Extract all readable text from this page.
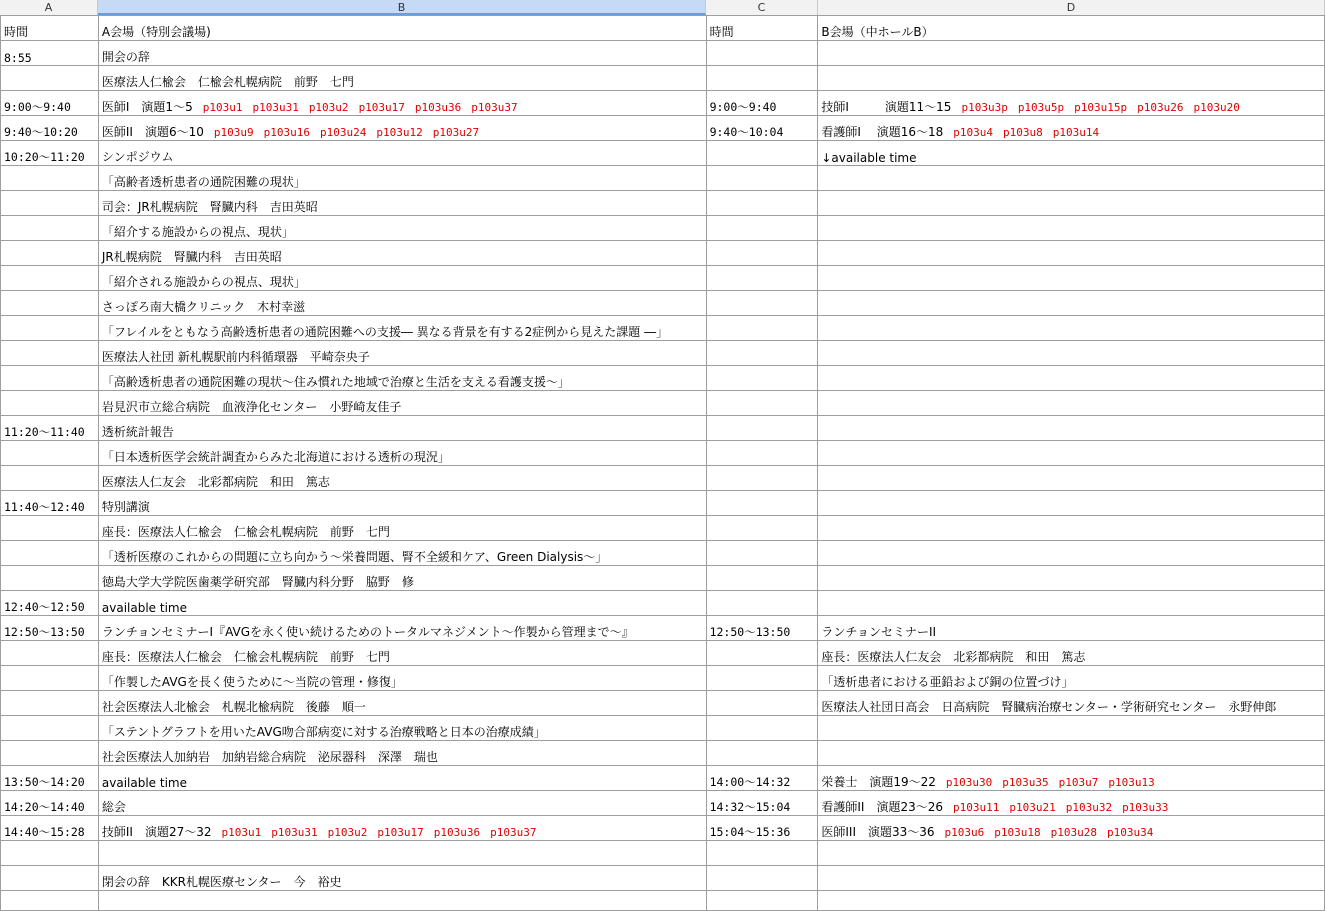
A	B	C	D
時間	A会場（特別会議場)	時間	B会場（中ホールB）
8:55	開会の辞		
	医療法人仁楡会　仁楡会札幌病院　前野　七門		
9:00〜9:40	医師I　演題1〜5 p103u1 p103u31 p103u2 p103u17 p103u36 p103u37	9:00〜9:40	技師I　　　演題11〜15 p103u3p p103u5p p103u15p p103u26 p103u20
9:40〜10:20	医師II　演題6〜10 p103u9 p103u16 p103u24 p103u12 p103u27	9:40〜10:04	看護師I　 演題16〜18 p103u4 p103u8 p103u14
10:20〜11:20	シンポジウム		↓available time
	「高齢者透析患者の通院困難の現状」		
	司会：JR札幌病院　腎臓内科　吉田英昭		
	「紹介する施設からの視点、現状」		
	JR札幌病院　腎臓内科　吉田英昭		
	「紹介される施設からの視点、現状」		
	さっぽろ南大橋クリニック　木村幸滋		
	「フレイルをともなう高齢透析患者の通院困難への支援― 異なる背景を有する2症例から見えた課題 ―」		
	医療法人社団 新札幌駅前内科循環器　平崎奈央子		
	「高齢透析患者の通院困難の現状〜住み慣れた地域で治療と生活を支える看護支援〜」		
	岩見沢市立総合病院　血液浄化センター　小野崎友佳子		
11:20〜11:40	透析統計報告		
	「日本透析医学会統計調査からみた北海道における透析の現況」		
	医療法人仁友会　北彩都病院　和田　篤志		
11:40〜12:40	特別講演		
	座長：医療法人仁楡会　仁楡会札幌病院　前野　七門		
	「透析医療のこれからの問題に立ち向かう〜栄養問題、腎不全緩和ケア、Green Dialysis〜」		
	徳島大学大学院医歯薬学研究部　腎臓内科分野　脇野　修		
12:40〜12:50	available time		
12:50〜13:50	ランチョンセミナーI『AVGを永く使い続けるためのトータルマネジメント〜作製から管理まで〜』	12:50〜13:50	ランチョンセミナーII
	座長：医療法人仁楡会　仁楡会札幌病院　前野　七門		座長：医療法人仁友会　北彩都病院　和田　篤志
	「作製したAVGを長く使うために〜当院の管理・修復」		「透析患者における亜鉛および銅の位置づけ」
	社会医療法人北楡会　札幌北楡病院　後藤　順一		医療法人社団日高会　日高病院　腎臓病治療センター・学術研究センター　永野伸郎
	「ステントグラフトを用いたAVG吻合部病変に対する治療戦略と日本の治療成績」		
	社会医療法人加納岩　加納岩総合病院　泌尿器科　深澤　瑞也		
13:50〜14:20	available time	14:00〜14:32	栄養士　演題19〜22 p103u30 p103u35 p103u7 p103u13
14:20〜14:40	総会	14:32〜15:04	看護師II　演題23〜26 p103u11 p103u21 p103u32 p103u33
14:40〜15:28	技師II　演題27〜32 p103u1 p103u31 p103u2 p103u17 p103u36 p103u37	15:04〜15:36	医師III　演題33〜36 p103u6 p103u18 p103u28 p103u34

	閉会の辞　KKR札幌医療センター　今　裕史		
